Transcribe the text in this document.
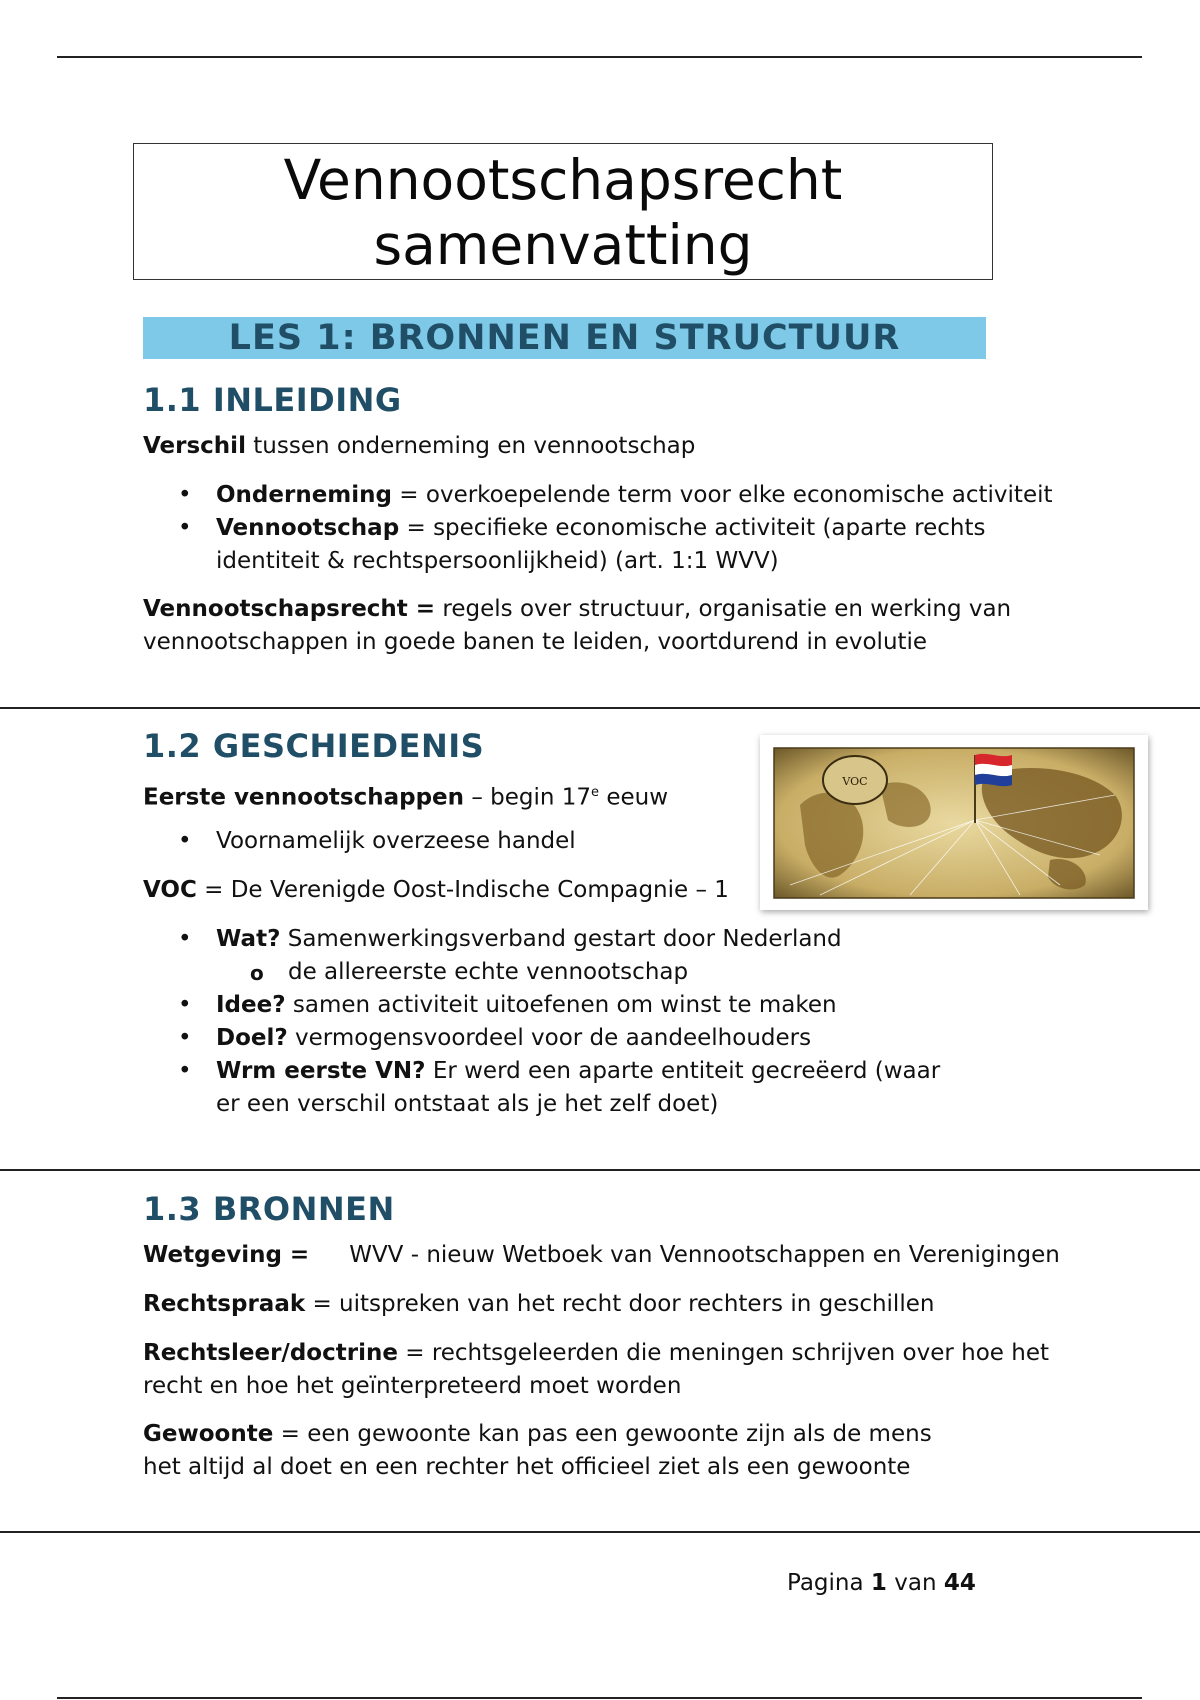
Vennootschapsrecht
samenvatting
LES 1: BRONNEN EN STRUCTUUR
1.1 INLEIDING
Verschil tussen onderneming en vennootschap
• Onderneming = overkoepelende term voor elke economische activiteit
• Vennootschap = specifieke economische activiteit (aparte rechts
identiteit & rechtspersoonlijkheid) (art. 1:1 WVV)
Vennootschapsrecht = regels over structuur, organisatie en werking van
vennootschappen in goede banen te leiden, voortdurend in evolutie
1.2 GESCHIEDENIS
Eerste vennootschappen – begin 17e eeuw
• Voornamelijk overzeese handel
VOC = De Verenigde Oost-Indische Compagnie – 1
VOC
• Wat? Samenwerkingsverband gestart door Nederland
o de allereerste echte vennootschap
• Idee? samen activiteit uitoefenen om winst te maken
• Doel? vermogensvoordeel voor de aandeelhouders
• Wrm eerste VN? Er werd een aparte entiteit gecreëerd (waar
er een verschil ontstaat als je het zelf doet)
1.3 BRONNEN
Wetgeving = WVV - nieuw Wetboek van Vennootschappen en Verenigingen
Rechtspraak = uitspreken van het recht door rechters in geschillen
Rechtsleer/doctrine = rechtsgeleerden die meningen schrijven over hoe het
recht en hoe het geïnterpreteerd moet worden
Gewoonte = een gewoonte kan pas een gewoonte zijn als de mens
het altijd al doet en een rechter het officieel ziet als een gewoonte
Pagina 1 van 44
